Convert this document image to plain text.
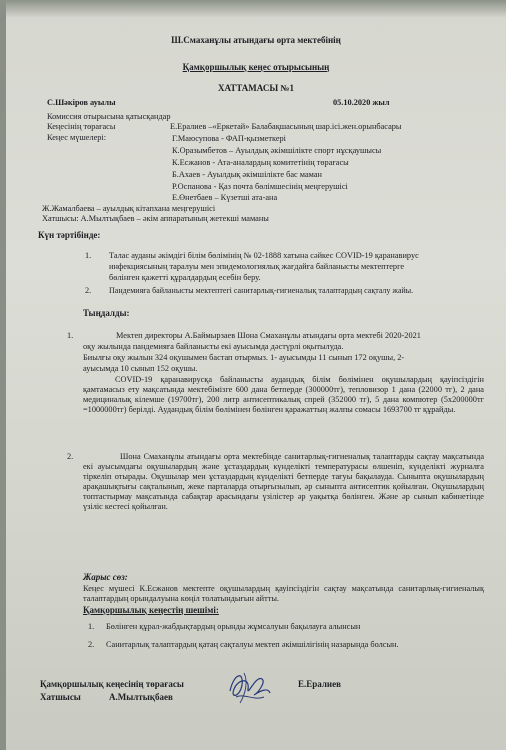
Ш.Смаханұлы атындағы орта мектебінің
Қамқоршылық кеңес отырысының
ХАТТАМАСЫ №1
С.Шәкіров ауылы	05.10.2020 жыл
Комиссия отырысына қатысқандар
Кеңесінің төрағасы	Е.Ералиев –«Еркетай» Балабақшасының шар.ісі.жен.орынбасары
Кеңес мүшелері:	Г.Маюсупова - ФАП-қызметкері
К.Оразымбетов – Ауылдық әкімшілікте спорт нұсқаушысы
К.Есжанов - Ата-аналардың комитетінің төрағасы
Б.Ахаев - Ауылдық әкімшілікте бас маман
Р.Оспанова - Қаз почта бөлімшесінің меңгерушісі
Е.Өнетбаев – Күзетші ата-ана
Ж.Жамалбаева – ауылдық кітапхана меңгерушісі
Хатшысы: А.Мылтықбаев – әкім аппаратының жетекші маманы
Күн тәртібінде:
1. Талас ауданы әкімдігі білім бөлімінің № 02-1888 хатына сәйкес COVID-19 қаранавирус
инфекциясының таралуы мен эпидемологиялық жағдайға байланысты мектептерге
бөлінген қажетті құралдардың есебін беру.
2. Пандемияға байланысты мектептегі санитарлық-гигиеналық талаптардың сақталу жайы.
Тыңдалды:
1.	Мектеп директоры А.Баймырзаев Шона Смаханұлы атындағы орта мектебі 2020-2021
оқу жылында пандемияға байланысты екі ауысымда дәстүрлі оқытылуда.
Биылғы оқу жылын 324 оқушымен бастап отырмыз. 1- ауысымды 11 сынып 172 оқушы, 2-
ауысымда 10 сынып 152 оқушы.
COVID-19 қаранавирусқа байланысты аудандық білім бөлімінен оқушылардың қауіпсіздігін қамтамасыз ету мақсатында мектебімізге 600 дана бетперде (300000тг), тепловизор 1 дана (22000 тг), 2 дана медициналық кілемше (19700тг), 200 литр антисептикалық спрей (352000 тг), 5 дана компютер (5х200000тг =1000000тг) берілді. Аудандық білім бөлімінен бөлінген қаражаттың жалпы сомасы 1693700 тг құрайды.
2.	Шона Смаханұлы атындағы орта мектебінде санитарлық-гигиеналық талаптарды сақтау мақсатында екі ауысымдағы оқушылардың және ұстаздардың күнделікті температурасы өлшеніп, күнделікті журналға тіркеліп отырады. Оқушылар мен ұстаздардың күнделікті бетперде тағуы бақылауда. Сыныпта оқушылардың арақашықтығы сақталынып, жеке парталарда отырғызылып, әр сыныпта антисептик қойылған. Оқушылардың топтастырмау мақсатында сабақтар арасындағы үзілістер әр уақытқа бөлінген. Және әр сынып кабинетінде үзіліс кестесі қойылған.
Жарыс сөз:
Кеңес мүшесі К.Есжанов мектепте оқушылардың қауіпсіздігін сақтау мақсатында санитарлық-гигиеналық талаптардың орындалуына көңіл толатындығын айтты.
Қамқоршылық кеңестің шешімі:
1. Бөлінген құрал-жабдықтардың орынды жұмсалуын бақылауға алынсын
2. Санитарлық талаптардың қатаң сақталуы мектеп әкімшілігінің назарында болсын.
Қамқоршылық кеңесінің төрағасы	Е.Ералиев
Хатшысы	А.Мылтықбаев
